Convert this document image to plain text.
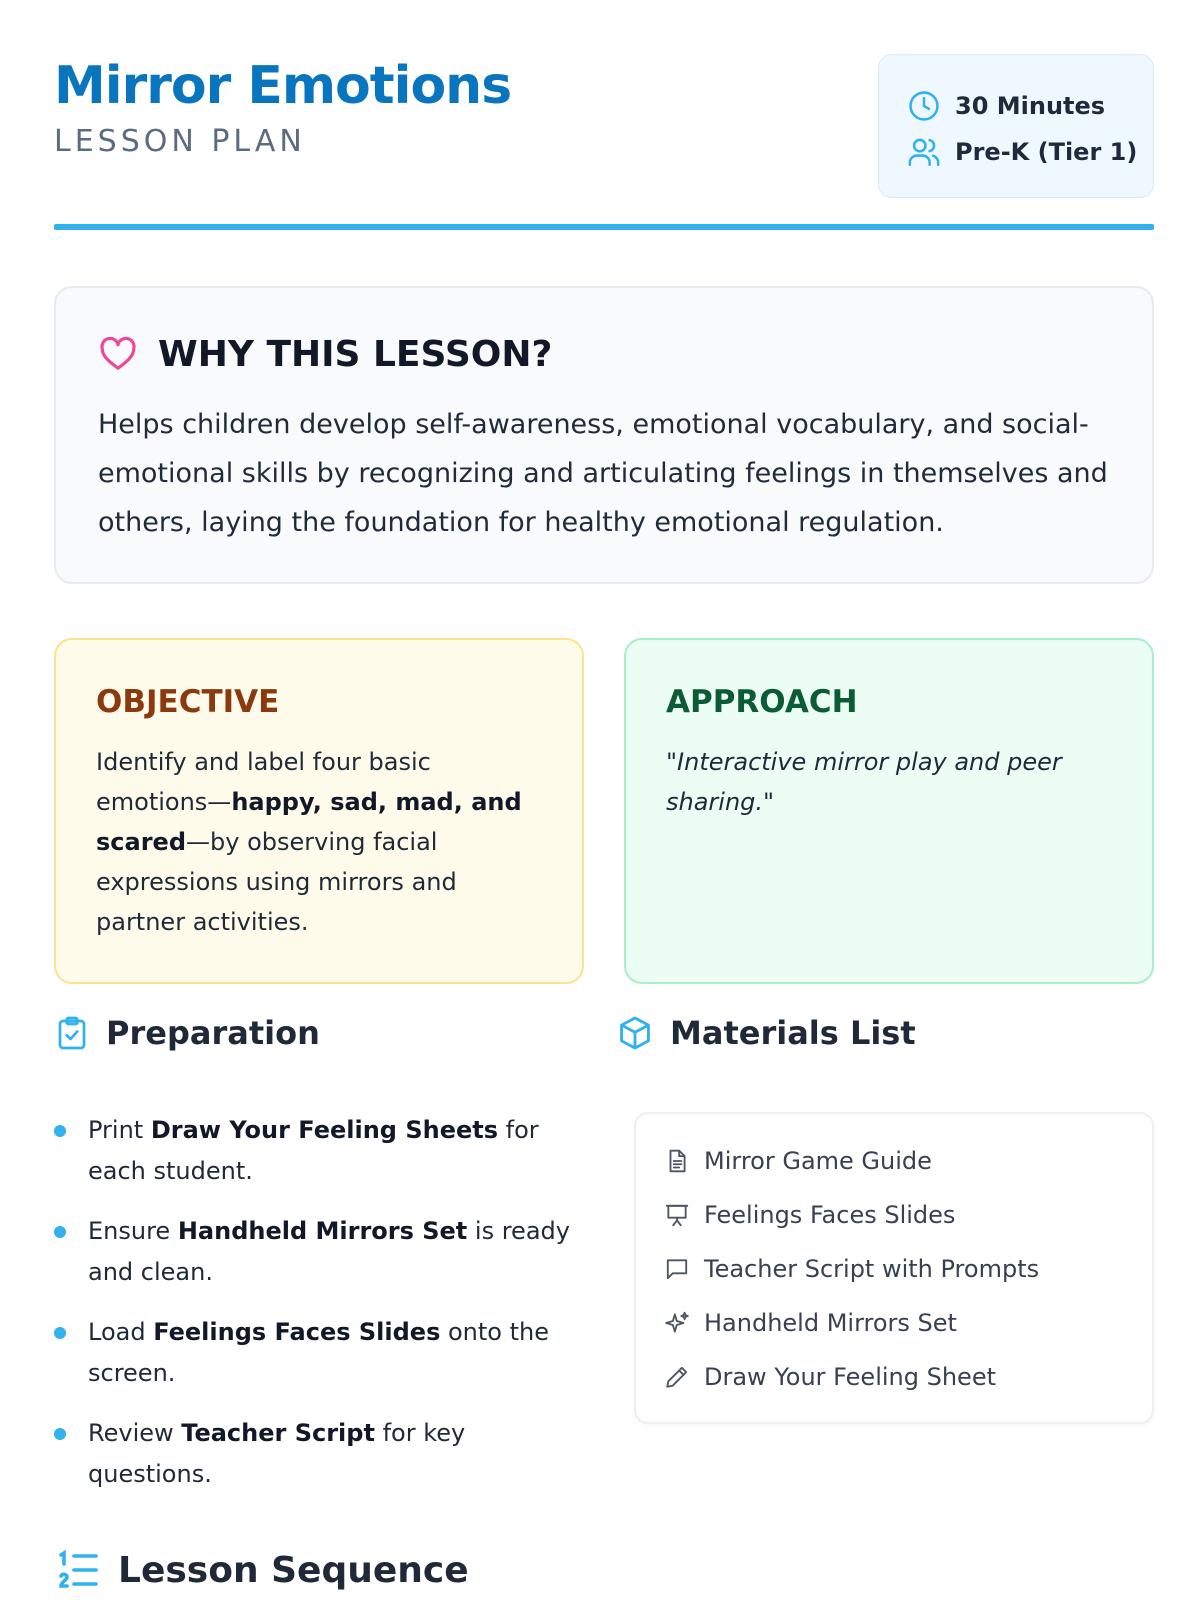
Mirror Emotions
LESSON PLAN
30 Minutes
Pre-K (Tier 1)
WHY THIS LESSON?
Helps children develop self-awareness, emotional vocabulary, and social-emotional skills by recognizing and articulating feelings in themselves and others, laying the foundation for healthy emotional regulation.
OBJECTIVE
Identify and label four basic emotions—happy, sad, mad, and scared—by observing facial expressions using mirrors and partner activities.
APPROACH
"Interactive mirror play and peer sharing."
Preparation
Print Draw Your Feeling Sheets for each student.
Ensure Handheld Mirrors Set is ready and clean.
Load Feelings Faces Slides onto the screen.
Review Teacher Script for key questions.
Materials List
Mirror Game Guide
Feelings Faces Slides
Teacher Script with Prompts
Handheld Mirrors Set
Draw Your Feeling Sheet
Lesson Sequence
